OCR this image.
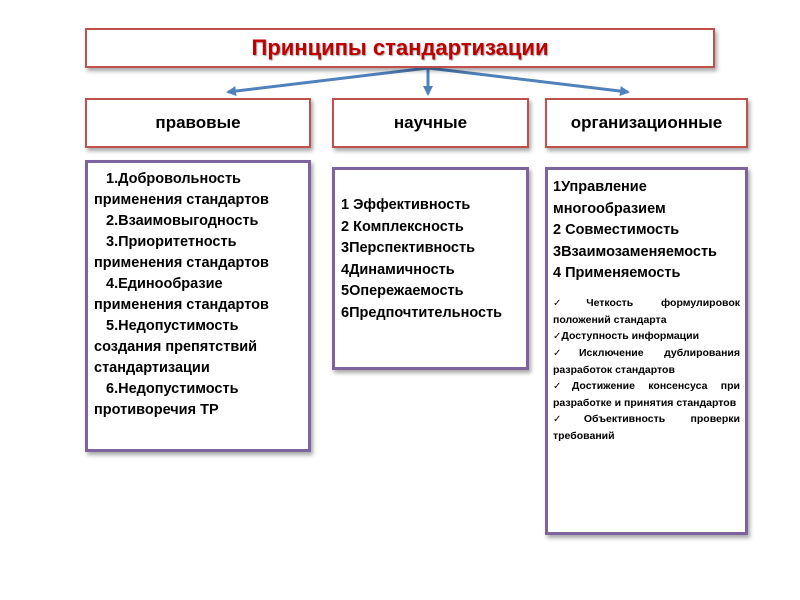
Принципы стандартизации
правовые	научные	организационные
1.Добровольность
применения стандартов
2.Взаимовыгодность
3.Приоритетность
применения стандартов
4.Единообразие
применения стандартов
5.Недопустимость
создания препятствий
стандартизации
6.Недопустимость
противоречия ТР
1 Эффективность
2 Комплексность
3Перспективность
4Динамичность
5Опережаемость
6Предпочтительность
1Управление многообразием
2 Совместимость
3Взаимозаменяемость
4 Применяемость
✓Четкость формулировок положений стандарта
✓Доступность информации
✓Исключение дублирования разработок стандартов
✓Достижение консенсуса при разработке и принятия стандартов
✓Объективность проверки требований
